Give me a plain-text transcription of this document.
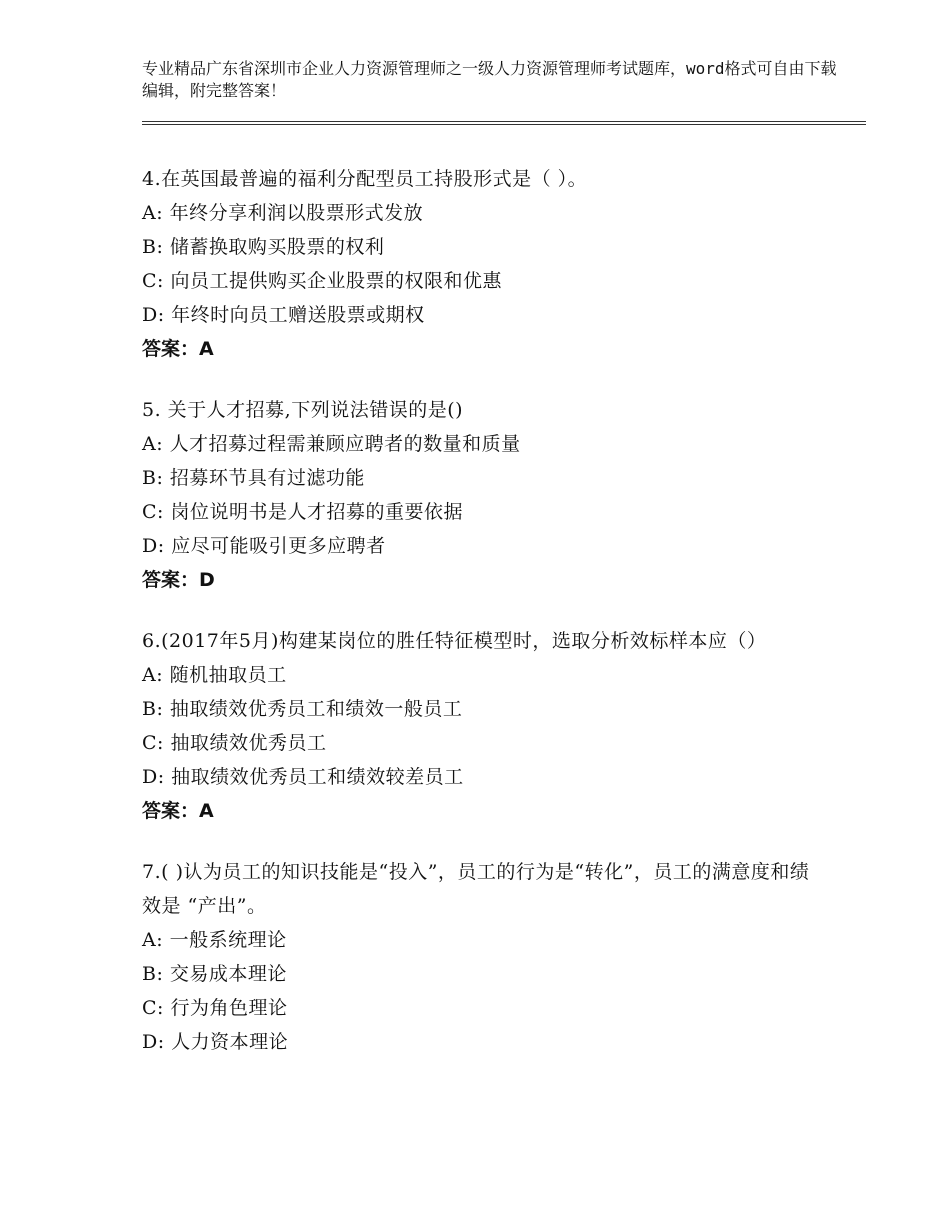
专业精品广东省深圳市企业人力资源管理师之一级人力资源管理师考试题库，word格式可自由下载编辑，附完整答案！
4.在英国最普遍的福利分配型员工持股形式是（ ）。
A: 年终分享利润以股票形式发放
B: 储蓄换取购买股票的权利
C: 向员工提供购买企业股票的权限和优惠
D: 年终时向员工赠送股票或期权
答案：A
5. 关于人才招募,下列说法错误的是()
A: 人才招募过程需兼顾应聘者的数量和质量
B: 招募环节具有过滤功能
C: 岗位说明书是人才招募的重要依据
D: 应尽可能吸引更多应聘者
答案：D
6.(2017年5月)构建某岗位的胜任特征模型时，选取分析效标样本应（）
A: 随机抽取员工
B: 抽取绩效优秀员工和绩效一般员工
C: 抽取绩效优秀员工
D: 抽取绩效优秀员工和绩效较差员工
答案：A
7.( )认为员工的知识技能是“投入”，员工的行为是“转化”，员工的满意度和绩效是 “产出”。
A: 一般系统理论
B: 交易成本理论
C: 行为角色理论
D: 人力资本理论
